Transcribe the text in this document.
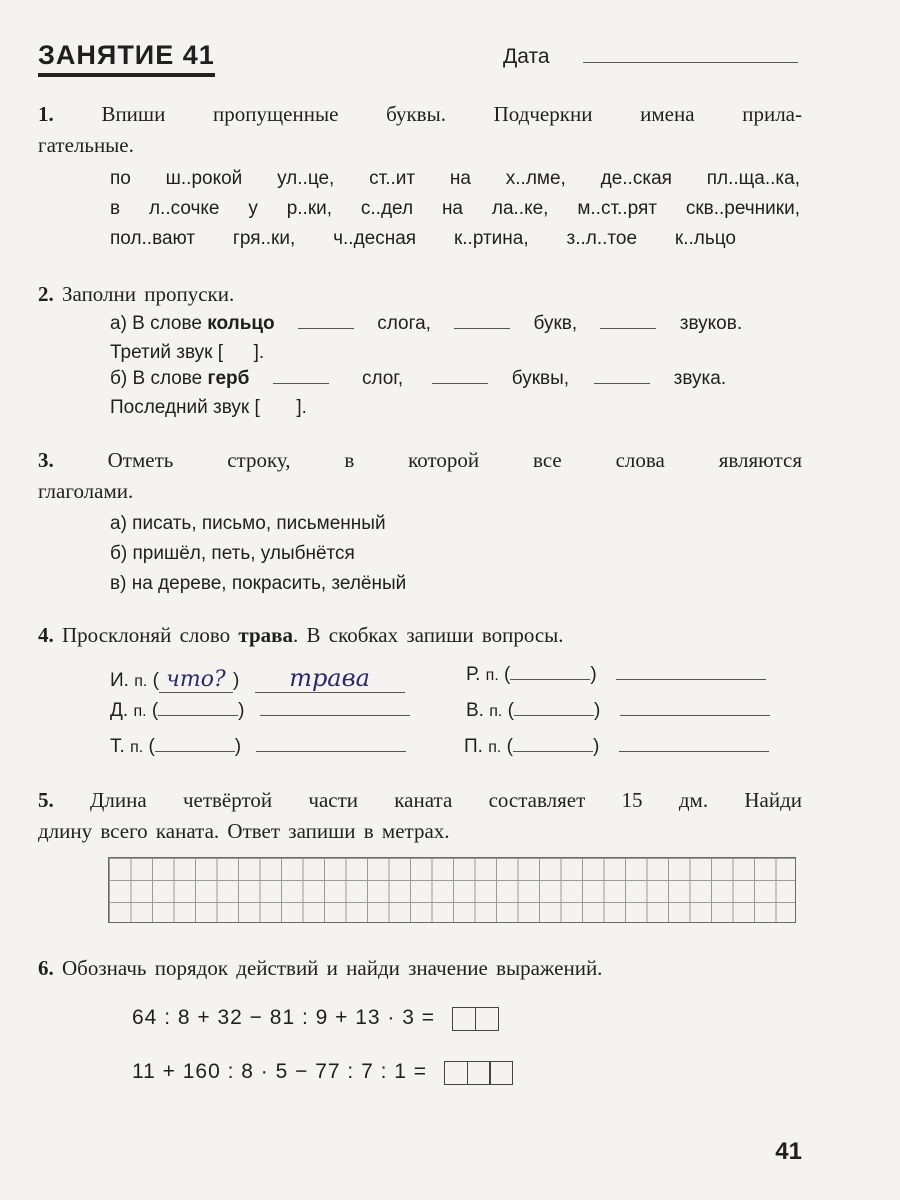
ЗАНЯТИЕ 41	Дата
1. Впиши пропущенные буквы. Подчеркни имена прила-
гательные.
по ш..рокой ул..це, ст..ит на х..лме, де..ская пл..ща..ка,
в л..сочке у р..ки, с..дел на ла..ке, м..ст..рят скв..речники,
пол..вают гря..ки, ч..десная к..ртина, з..л..тое к..льцо
2. Заполни пропуски.
а) В слове кольцо	слога,	букв,	звуков.
Третий звук [ ].
б) В слове герб	слог,	буквы,	звука.
Последний звук [ ].
3.	Отметь строку, в которой все слова являются
глаголами.
а) писать, письмо, письменный
б) пришёл, петь, улыбнётся
в) на дереве, покрасить, зелёный
4. Просклоняй слово трава. В скобках запиши вопросы.
И. п. ( что? ) трава	Р. п. (	)
Д. п. (	)	В. п. (	)
Т. п. (	)	П. п. (	)
5. Длина четвёртой части каната составляет 15 дм. Найди
длину всего каната. Ответ запиши в метрах.
6. Обозначь порядок действий и найди значение выражений.
64 : 8 + 32 − 81 : 9 + 13 · 3 =
11 + 160 : 8 · 5 − 77 : 7 : 1 =
41
